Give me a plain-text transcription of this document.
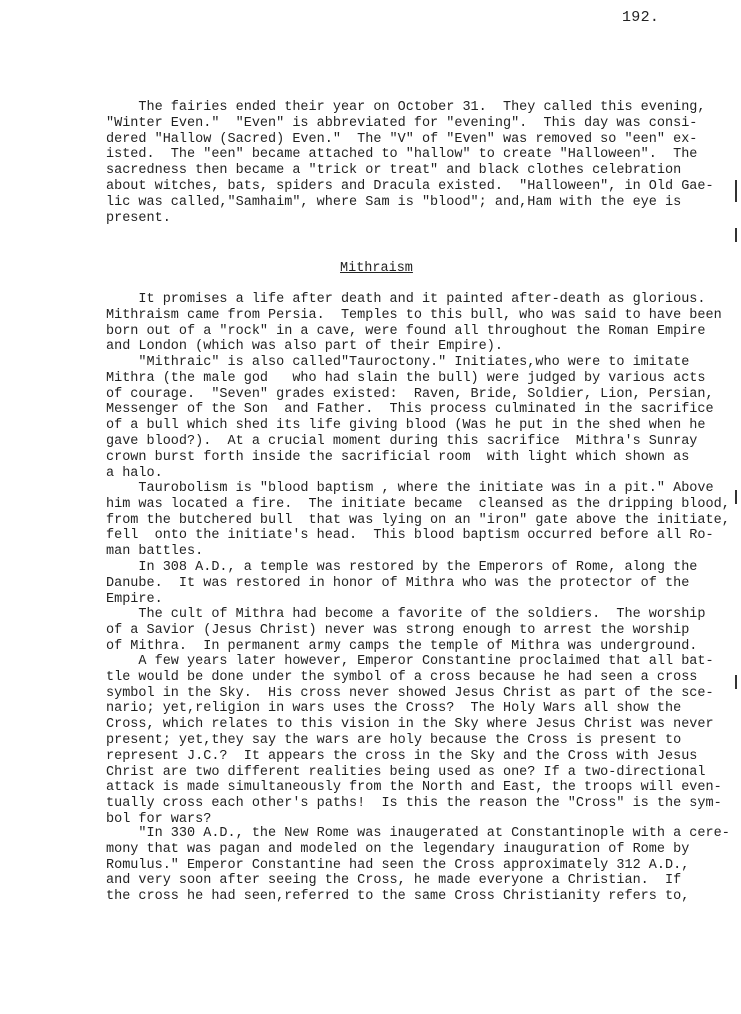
192.
The fairies ended their year on October 31.  They called this evening,
"Winter Even."  "Even" is abbreviated for "evening".  This day was consi-
dered "Hallow (Sacred) Even."  The "V" of "Even" was removed so "een" ex-
isted.  The "een" became attached to "hallow" to create "Halloween".  The
sacredness then became a "trick or treat" and black clothes celebration
about witches, bats, spiders and Dracula existed.  "Halloween", in Old Gae-
lic was called,"Samhaim", where Sam is "blood"; and,Ham with the eye is
present.
Mithraism
It promises a life after death and it painted after-death as glorious.
Mithraism came from Persia.  Temples to this bull, who was said to have been
born out of a "rock" in a cave, were found all throughout the Roman Empire
and London (which was also part of their Empire).
"Mithraic" is also called"Tauroctony." Initiates,who were to imitate
Mithra (the male god   who had slain the bull) were judged by various acts
of courage.  "Seven" grades existed:  Raven, Bride, Soldier, Lion, Persian,
Messenger of the Son  and Father.  This process culminated in the sacrifice
of a bull which shed its life giving blood (Was he put in the shed when he
gave blood?).  At a crucial moment during this sacrifice  Mithra's Sunray
crown burst forth inside the sacrificial room  with light which shown as
a halo.
Taurobolism is "blood baptism , where the initiate was in a pit." Above
him was located a fire.  The initiate became  cleansed as the dripping blood,
from the butchered bull  that was lying on an "iron" gate above the initiate,
fell  onto the initiate's head.  This blood baptism occurred before all Ro-
man battles.
In 308 A.D., a temple was restored by the Emperors of Rome, along the
Danube.  It was restored in honor of Mithra who was the protector of the
Empire.
The cult of Mithra had become a favorite of the soldiers.  The worship
of a Savior (Jesus Christ) never was strong enough to arrest the worship
of Mithra.  In permanent army camps the temple of Mithra was underground.
A few years later however, Emperor Constantine proclaimed that all bat-
tle would be done under the symbol of a cross because he had seen a cross
symbol in the Sky.  His cross never showed Jesus Christ as part of the sce-
nario; yet,religion in wars uses the Cross?  The Holy Wars all show the
Cross, which relates to this vision in the Sky where Jesus Christ was never
present; yet,they say the wars are holy because the Cross is present to
represent J.C.?  It appears the cross in the Sky and the Cross with Jesus
Christ are two different realities being used as one? If a two-directional
attack is made simultaneously from the North and East, the troops will even-
tually cross each other's paths!  Is this the reason the "Cross" is the sym-
bol for wars?
"In 330 A.D., the New Rome was inaugerated at Constantinople with a cere-
mony that was pagan and modeled on the legendary inauguration of Rome by
Romulus." Emperor Constantine had seen the Cross approximately 312 A.D.,
and very soon after seeing the Cross, he made everyone a Christian.  If
the cross he had seen,referred to the same Cross Christianity refers to,
